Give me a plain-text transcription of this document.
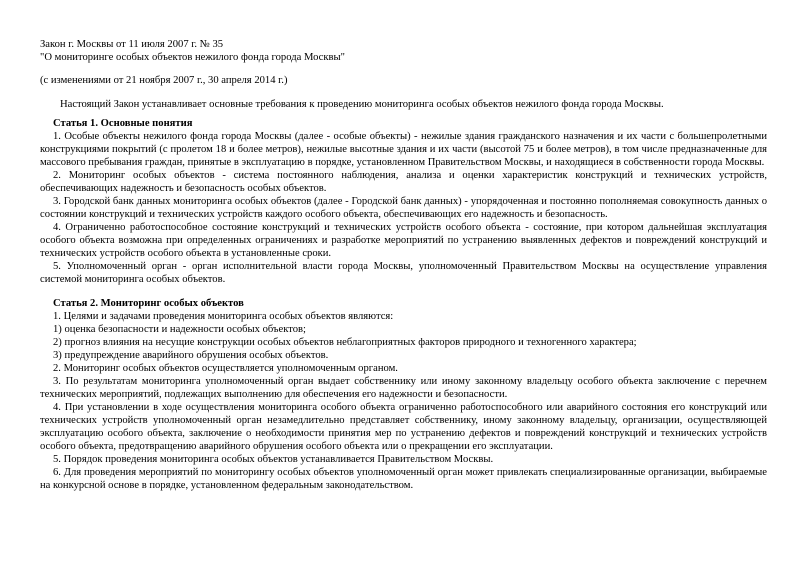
Закон г. Москвы от 11 июля 2007 г. № 35
"О мониторинге особых объектов нежилого фонда города Москвы"
(с изменениями от 21 ноября 2007 г., 30 апреля 2014 г.)

Настоящий Закон устанавливает основные требования к проведению мониторинга особых объектов нежилого фонда города Москвы.

Статья 1. Основные понятия

1. Особые объекты нежилого фонда города Москвы (далее - особые объекты) - нежилые здания гражданского назначения и их части с большепролетными конструкциями покрытий (с пролетом 18 и более метров), нежилые высотные здания и их части (высотой 75 и более метров), в том числе предназначенные для массового пребывания граждан, принятые в эксплуатацию в порядке, установленном Правительством Москвы, и находящиеся в собственности города Москвы.

2. Мониторинг особых объектов - система постоянного наблюдения, анализа и оценки характеристик конструкций и технических устройств, обеспечивающих надежность и безопасность особых объектов.

3. Городской банк данных мониторинга особых объектов (далее - Городской банк данных) - упорядоченная и постоянно пополняемая совокупность данных о состоянии конструкций и технических устройств каждого особого объекта, обеспечивающих его надежность и безопасность.

4. Ограниченно работоспособное состояние конструкций и технических устройств особого объекта - состояние, при котором дальнейшая эксплуатация особого объекта возможна при определенных ограничениях и разработке мероприятий по устранению выявленных дефектов и повреждений конструкций и технических устройств особого объекта в установленные сроки.

5. Уполномоченный орган - орган исполнительной власти города Москвы, уполномоченный Правительством Москвы на осуществление управления системой мониторинга особых объектов.

Статья 2. Мониторинг особых объектов

1. Целями и задачами проведения мониторинга особых объектов являются:

1) оценка безопасности и надежности особых объектов;

2) прогноз влияния на несущие конструкции особых объектов неблагоприятных факторов природного и техногенного характера;

3) предупреждение аварийного обрушения особых объектов.

2. Мониторинг особых объектов осуществляется уполномоченным органом.

3. По результатам мониторинга уполномоченный орган выдает собственнику или иному законному владельцу особого объекта заключение с перечнем технических мероприятий, подлежащих выполнению для обеспечения его надежности и безопасности.

4. При установлении в ходе осуществления мониторинга особого объекта ограниченно работоспособного или аварийного состояния его конструкций или технических устройств уполномоченный орган незамедлительно представляет собственнику, иному законному владельцу, организации, осуществляющей эксплуатацию особого объекта, заключение о необходимости принятия мер по устранению дефектов и повреждений конструкций и технических устройств особого объекта, предотвращению аварийного обрушения особого объекта или о прекращении его эксплуатации.

5. Порядок проведения мониторинга особых объектов устанавливается Правительством Москвы.

6. Для проведения мероприятий по мониторингу особых объектов уполномоченный орган может привлекать специализированные организации, выбираемые на конкурсной основе в порядке, установленном федеральным законодательством.
